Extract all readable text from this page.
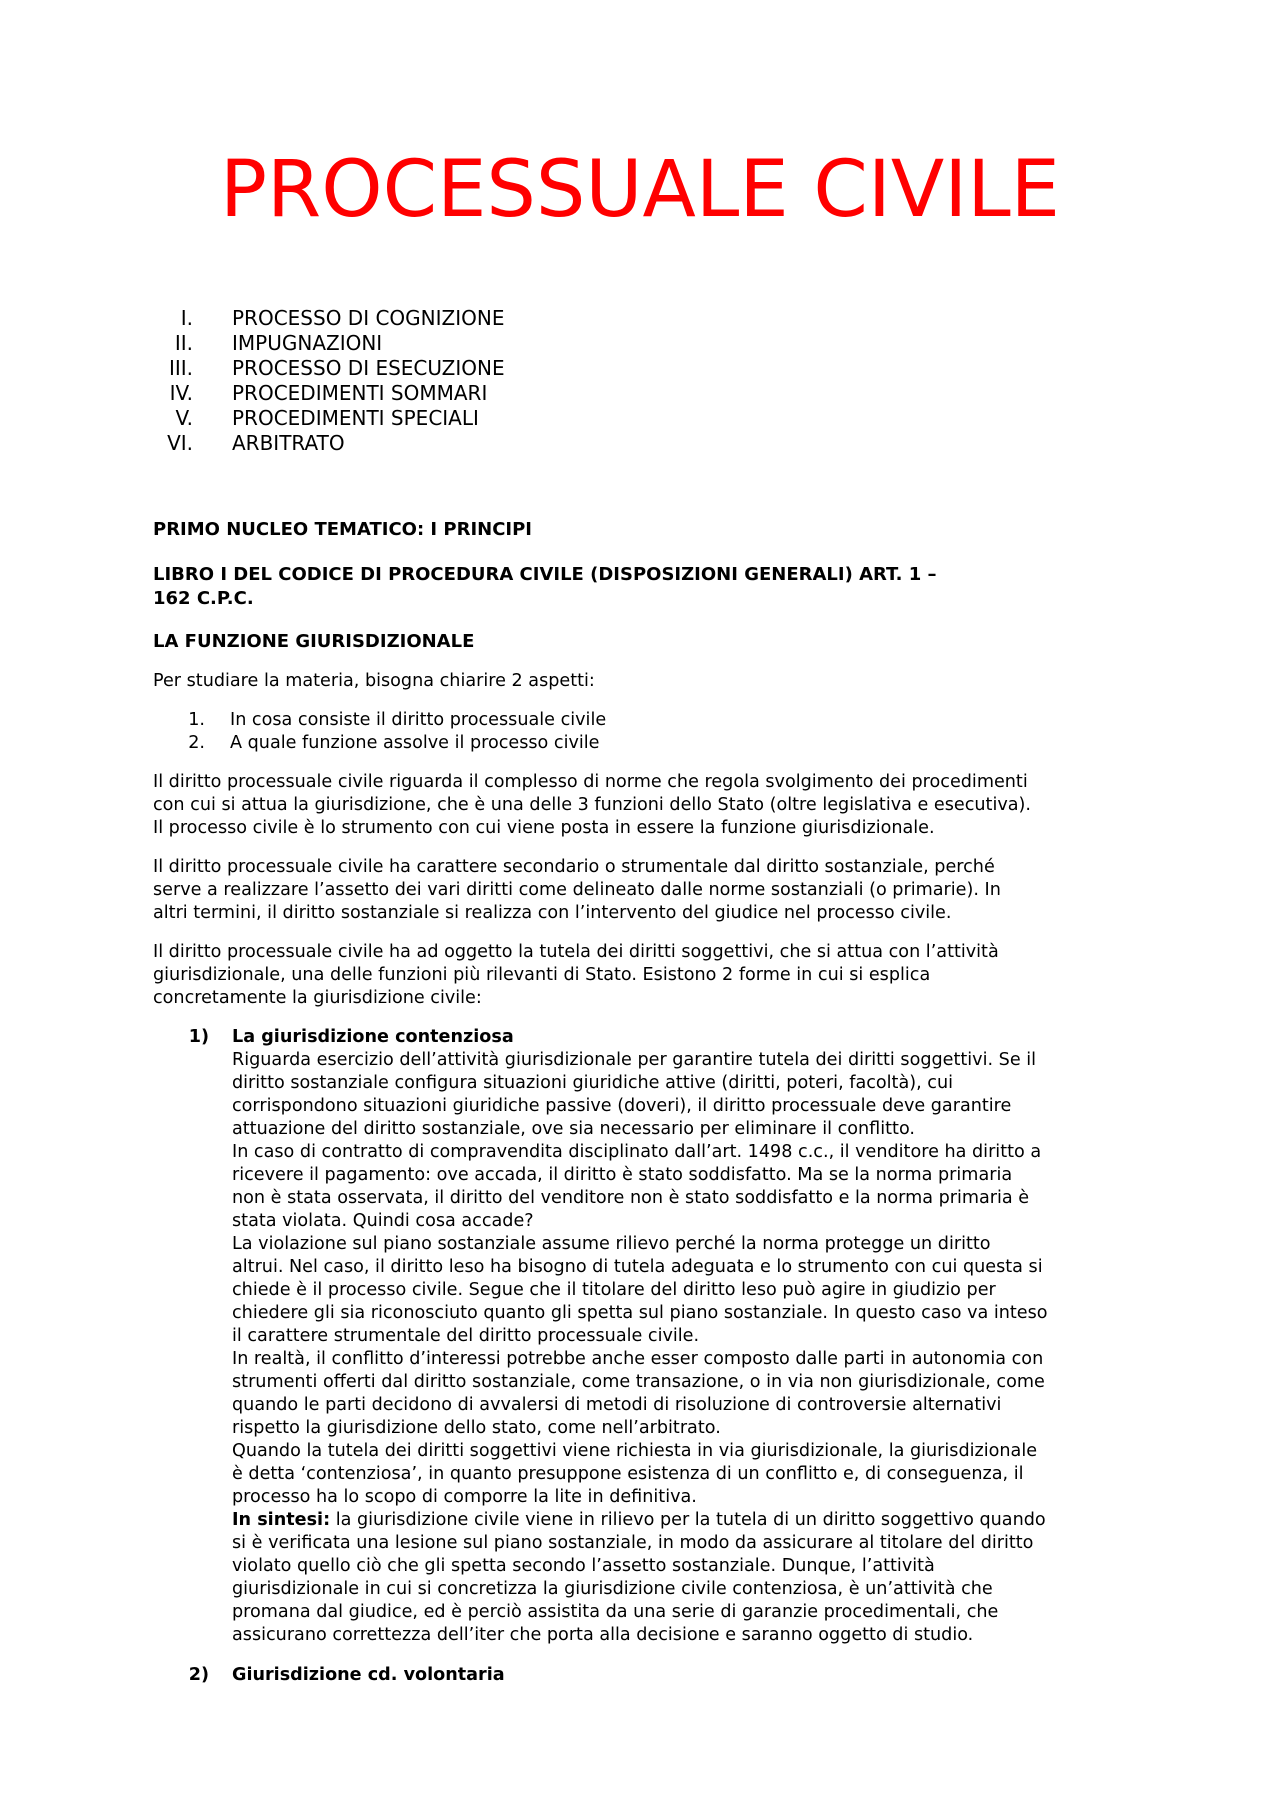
PROCESSUALE CIVILE
I. PROCESSO DI COGNIZIONE
II. IMPUGNAZIONI
III. PROCESSO DI ESECUZIONE
IV. PROCEDIMENTI SOMMARI
V. PROCEDIMENTI SPECIALI
VI. ARBITRATO
PRIMO NUCLEO TEMATICO: I PRINCIPI
LIBRO I DEL CODICE DI PROCEDURA CIVILE (DISPOSIZIONI GENERALI) ART. 1 –
162 C.P.C.
LA FUNZIONE GIURISDIZIONALE

Per studiare la materia, bisogna chiarire 2 aspetti:

1. In cosa consiste il diritto processuale civile
2. A quale funzione assolve il processo civile

Il diritto processuale civile riguarda il complesso di norme che regola svolgimento dei procedimenti
con cui si attua la giurisdizione, che è una delle 3 funzioni dello Stato (oltre legislativa e esecutiva).
Il processo civile è lo strumento con cui viene posta in essere la funzione giurisdizionale.

Il diritto processuale civile ha carattere secondario o strumentale dal diritto sostanziale, perché
serve a realizzare l’assetto dei vari diritti come delineato dalle norme sostanziali (o primarie). In
altri termini, il diritto sostanziale si realizza con l’intervento del giudice nel processo civile.

Il diritto processuale civile ha ad oggetto la tutela dei diritti soggettivi, che si attua con l’attività
giurisdizionale, una delle funzioni più rilevanti di Stato. Esistono 2 forme in cui si esplica
concretamente la giurisdizione civile:

1) La giurisdizione contenziosa
Riguarda esercizio dell’attività giurisdizionale per garantire tutela dei diritti soggettivi. Se il
diritto sostanziale configura situazioni giuridiche attive (diritti, poteri, facoltà), cui
corrispondono situazioni giuridiche passive (doveri), il diritto processuale deve garantire
attuazione del diritto sostanziale, ove sia necessario per eliminare il conflitto.
In caso di contratto di compravendita disciplinato dall’art. 1498 c.c., il venditore ha diritto a
ricevere il pagamento: ove accada, il diritto è stato soddisfatto. Ma se la norma primaria
non è stata osservata, il diritto del venditore non è stato soddisfatto e la norma primaria è
stata violata. Quindi cosa accade?
La violazione sul piano sostanziale assume rilievo perché la norma protegge un diritto
altrui. Nel caso, il diritto leso ha bisogno di tutela adeguata e lo strumento con cui questa si
chiede è il processo civile. Segue che il titolare del diritto leso può agire in giudizio per
chiedere gli sia riconosciuto quanto gli spetta sul piano sostanziale. In questo caso va inteso
il carattere strumentale del diritto processuale civile.
In realtà, il conflitto d’interessi potrebbe anche esser composto dalle parti in autonomia con
strumenti offerti dal diritto sostanziale, come transazione, o in via non giurisdizionale, come
quando le parti decidono di avvalersi di metodi di risoluzione di controversie alternativi
rispetto la giurisdizione dello stato, come nell’arbitrato.
Quando la tutela dei diritti soggettivi viene richiesta in via giurisdizionale, la giurisdizionale
è detta ‘contenziosa’, in quanto presuppone esistenza di un conflitto e, di conseguenza, il
processo ha lo scopo di comporre la lite in definitiva.
In sintesi: la giurisdizione civile viene in rilievo per la tutela di un diritto soggettivo quando
si è verificata una lesione sul piano sostanziale, in modo da assicurare al titolare del diritto
violato quello ciò che gli spetta secondo l’assetto sostanziale. Dunque, l’attività
giurisdizionale in cui si concretizza la giurisdizione civile contenziosa, è un’attività che
promana dal giudice, ed è perciò assistita da una serie di garanzie procedimentali, che
assicurano correttezza dell’iter che porta alla decisione e saranno oggetto di studio.
2) Giurisdizione cd. volontaria
